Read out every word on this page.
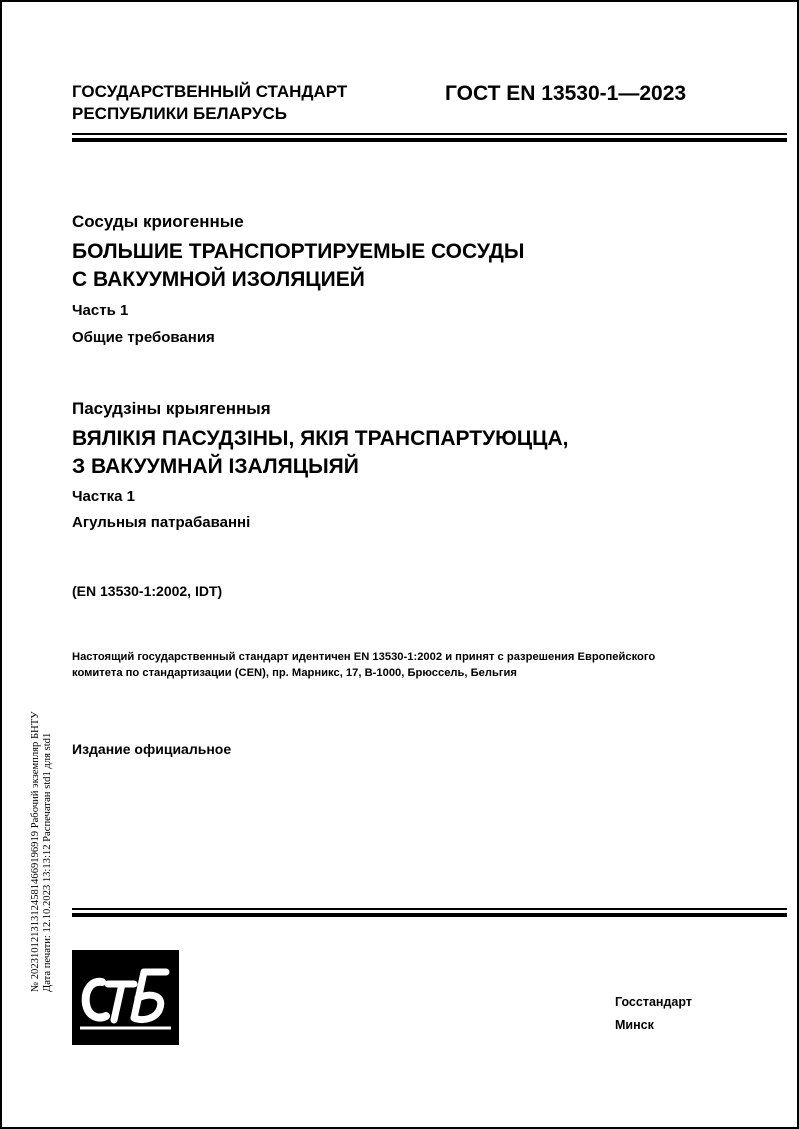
ГОСУДАРСТВЕННЫЙ СТАНДАРТ
РЕСПУБЛИКИ БЕЛАРУСЬ
ГОСТ EN 13530-1—2023
Сосуды криогенные
БОЛЬШИЕ ТРАНСПОРТИРУЕМЫЕ СОСУДЫ
С ВАКУУМНОЙ ИЗОЛЯЦИЕЙ
Часть 1
Общие требования
Пасудзіны крыягенныя
ВЯЛІКІЯ ПАСУДЗІНЫ, ЯКІЯ ТРАНСПАРТУЮЦЦА,
З ВАКУУМНАЙ ІЗАЛЯЦЫЯЙ
Частка 1
Агульныя патрабаванні
(EN 13530-1:2002, IDT)
Настоящий государственный стандарт идентичен EN 13530-1:2002 и принят с разрешения Европейского
комитета по стандартизации (CEN), пр. Марникс, 17, B-1000, Брюссель, Бельгия
Издание официальное
№ 2023101213131245814669196919 Рабочий экземпляр БНТУ Дата печати: 12.10.2023 13:13:12 Распечатан std1 для std1
Госстандарт
Минск
